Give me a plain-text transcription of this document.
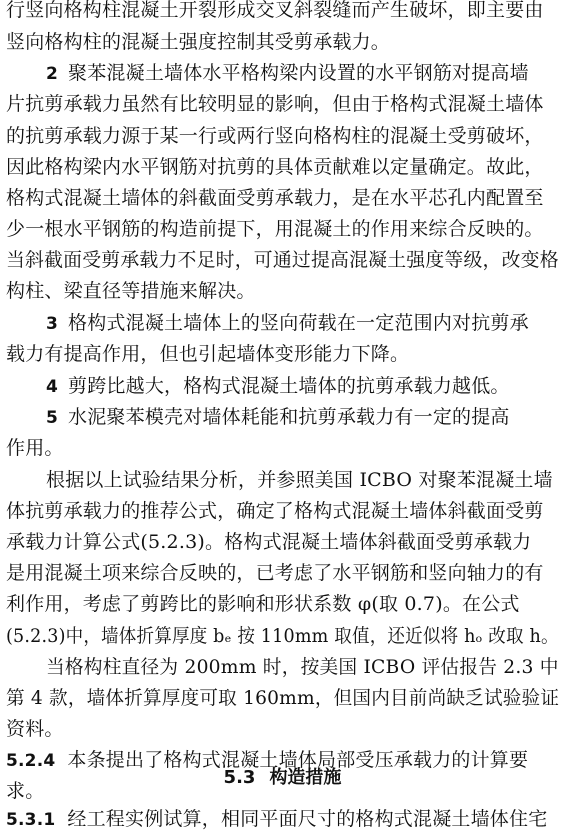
行竖向格构柱混凝土开裂形成交叉斜裂缝而产生破坏，即主要由
竖向格构柱的混凝土强度控制其受剪承载力。
2 聚苯混凝土墙体水平格构梁内设置的水平钢筋对提高墙
片抗剪承载力虽然有比较明显的影响，但由于格构式混凝土墙体
的抗剪承载力源于某一行或两行竖向格构柱的混凝土受剪破坏，
因此格构梁内水平钢筋对抗剪的具体贡献难以定量确定。故此，
格构式混凝土墙体的斜截面受剪承载力，是在水平芯孔内配置至
少一根水平钢筋的构造前提下，用混凝土的作用来综合反映的。
当斜截面受剪承载力不足时，可通过提高混凝土强度等级，改变格
构柱、梁直径等措施来解决。
3 格构式混凝土墙体上的竖向荷载在一定范围内对抗剪承
载力有提高作用，但也引起墙体变形能力下降。
4 剪跨比越大，格构式混凝土墙体的抗剪承载力越低。
5 水泥聚苯模壳对墙体耗能和抗剪承载力有一定的提高
作用。
根据以上试验结果分析，并参照美国 ICBO 对聚苯混凝土墙
体抗剪承载力的推荐公式，确定了格构式混凝土墙体斜截面受剪
承载力计算公式(5.2.3)。格构式混凝土墙体斜截面受剪承载力
是用混凝土项来综合反映的，已考虑了水平钢筋和竖向轴力的有
利作用，考虑了剪跨比的影响和形状系数 φ(取 0.7)。在公式
(5.2.3)中，墙体折算厚度 bₑ 按 110mm 取值，还近似将 hₒ 改取 h。
当格构柱直径为 200mm 时，按美国 ICBO 评估报告 2.3 中
第 4 款，墙体折算厚度可取 160mm，但国内目前尚缺乏试验验证
资料。
5.2.4 本条提出了格构式混凝土墙体局部受压承载力的计算要
求。
5.3 构造措施
5.3.1 经工程实例试算，相同平面尺寸的格构式混凝土墙体住宅
